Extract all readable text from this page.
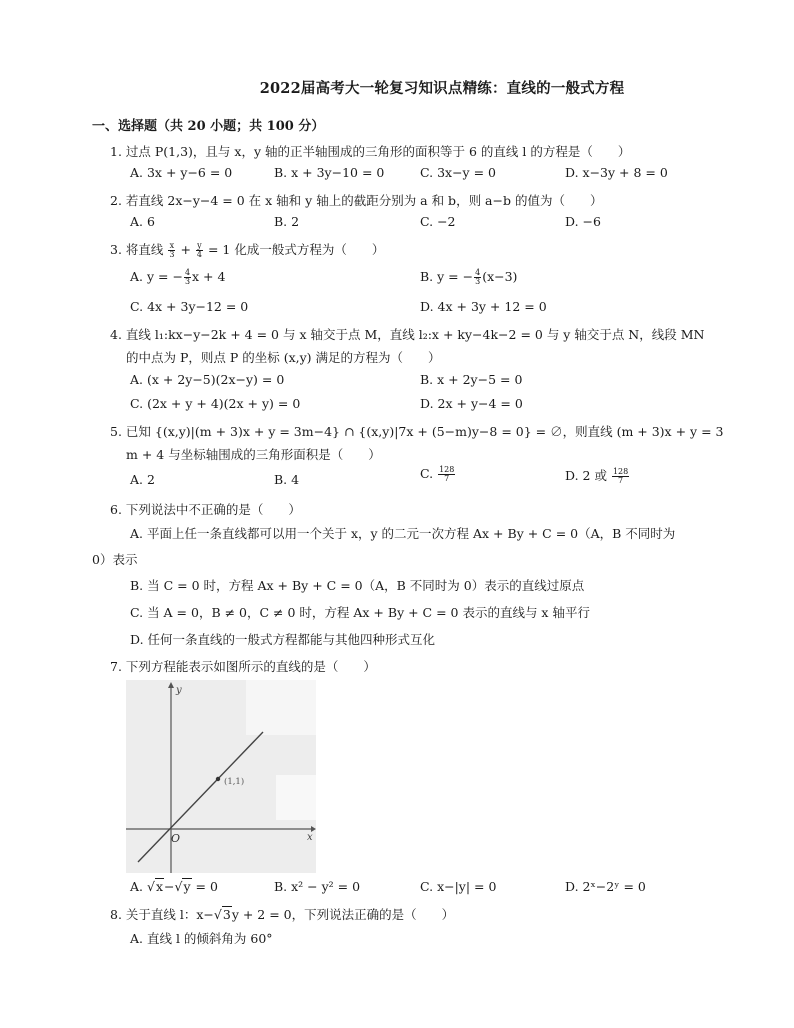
2022届高考大一轮复习知识点精练：直线的一般式方程
一、选择题（共 20 小题；共 100 分）
1. 过点 P(1,3)，且与 x，y 轴的正半轴围成的三角形的面积等于 6 的直线 l 的方程是（　　）
A. 3x + y−6 = 0	B. x + 3y−10 = 0	C. 3x−y = 0	D. x−3y + 8 = 0
2. 若直线 2x−y−4 = 0 在 x 轴和 y 轴上的截距分别为 a 和 b，则 a−b 的值为（　　）
A. 6	B. 2	C. −2	D. −6
3. 将直线 $\frac{x}{3} + \frac{y}{4} = 1$ 化成一般式方程为（　　）
A. y = − $\frac{4}{3}$ x + 4	B. y = − $\frac{4}{3} (x-3)$
C. 4x + 3y−12 = 0	D. 4x + 3y + 12 = 0
4. 直线 l₁:kx−y−2k + 4 = 0 与 x 轴交于点 M，直线 l₂:x + ky−4k−2 = 0 与 y 轴交于点 N，线段 MN
的中点为 P，则点 P 的坐标 (x,y) 满足的方程为（　　）
A. (x + 2y−5)(2x−y) = 0	B. x + 2y−5 = 0
C. (2x + y + 4)(2x + y) = 0	D. 2x + y−4 = 0
5. 已知 {(x,y)|(m + 3)x + y = 3m−4} ∩ {(x,y)|7x + (5−m)y−8 = 0} = ∅，则直线 (m + 3)x + y = 3
m + 4 与坐标轴围成的三角形面积是（　　）
A. 2	B. 4	C. $\frac{128}{7}$	D. 2 或 $\frac{128}{7}$
6. 下列说法中不正确的是（　　）
A. 平面上任一条直线都可以用一个关于 x，y 的二元一次方程 Ax + By + C = 0（A，B 不同时为
0）表示
B. 当 C = 0 时，方程 Ax + By + C = 0（A，B 不同时为 0）表示的直线过原点
C. 当 A = 0，B ≠ 0，C ≠ 0 时，方程 Ax + By + C = 0 表示的直线与 x 轴平行
D. 任何一条直线的一般式方程都能与其他四种形式互化
7. 下列方程能表示如图所示的直线的是（　　）
y
x
O
(1,1)
A. √x−√y = 0	B. x² − y² = 0	C. x−|y| = 0	D. 2ˣ−2ʸ = 0
8. 关于直线 l：x−√3y + 2 = 0，下列说法正确的是（　　）
A. 直线 l 的倾斜角为 60°
